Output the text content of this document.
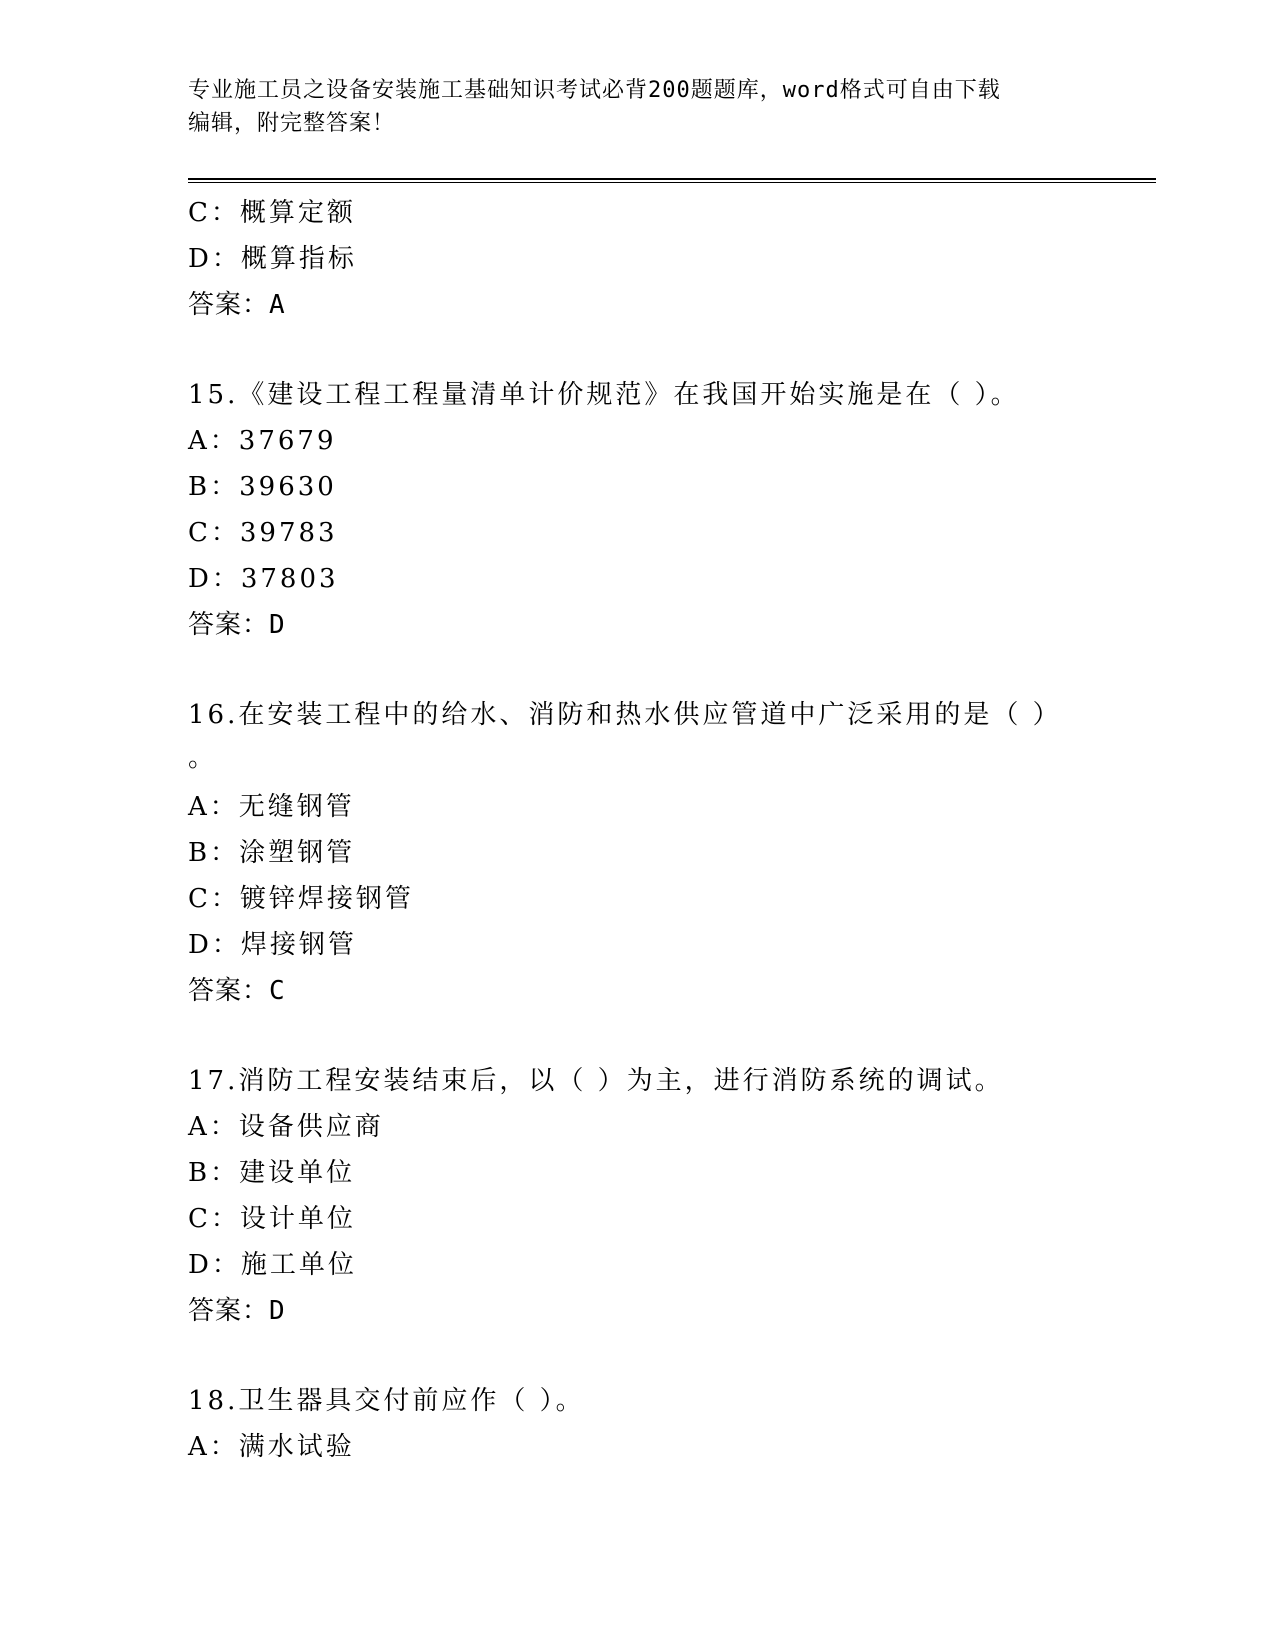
专业施工员之设备安装施工基础知识考试必背200题题库，word格式可自由下载
编辑，附完整答案！
C：概算定额
D：概算指标
答案：A
15.《建设工程工程量清单计价规范》在我国开始实施是在（ ）。
A：37679
B：39630
C：39783
D：37803
答案：D
16.在安装工程中的给水、消防和热水供应管道中广泛采用的是（ ）
。
A：无缝钢管
B：涂塑钢管
C：镀锌焊接钢管
D：焊接钢管
答案：C
17.消防工程安装结束后，以（ ）为主，进行消防系统的调试。
A：设备供应商
B：建设单位
C：设计单位
D：施工单位
答案：D
18.卫生器具交付前应作（ ）。
A：满水试验
